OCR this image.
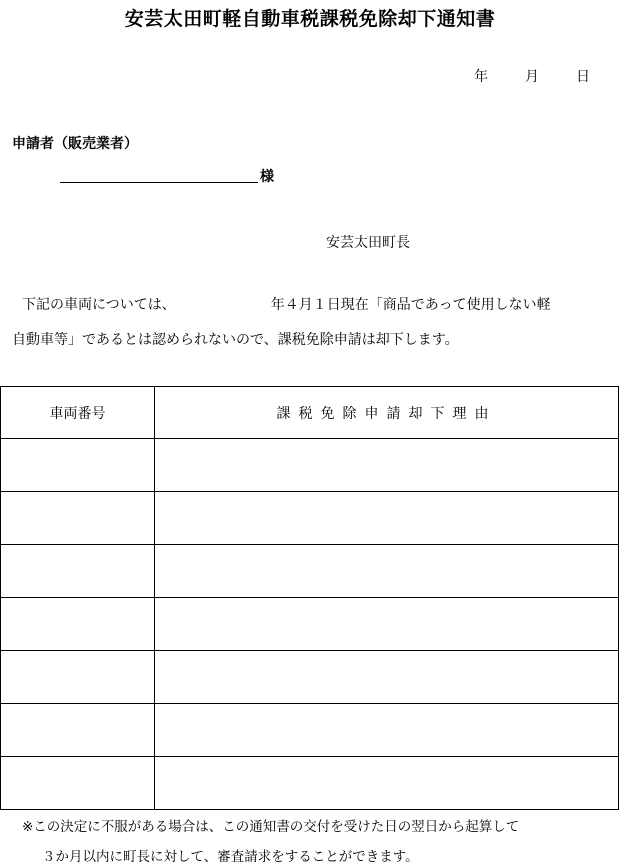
安芸太田町軽自動車税課税免除却下通知書
年	月	日
申請者（販売業者）
様
安芸太田町長
下記の車両については、	年４月１日現在「商品であって使用しない軽
自動車等」であるとは認められないので、課税免除申請は却下します。
車両番号	課税免除申請却下理由

※この決定に不服がある場合は、この通知書の交付を受けた日の翌日から起算して
３か月以内に町長に対して、審査請求をすることができます。
